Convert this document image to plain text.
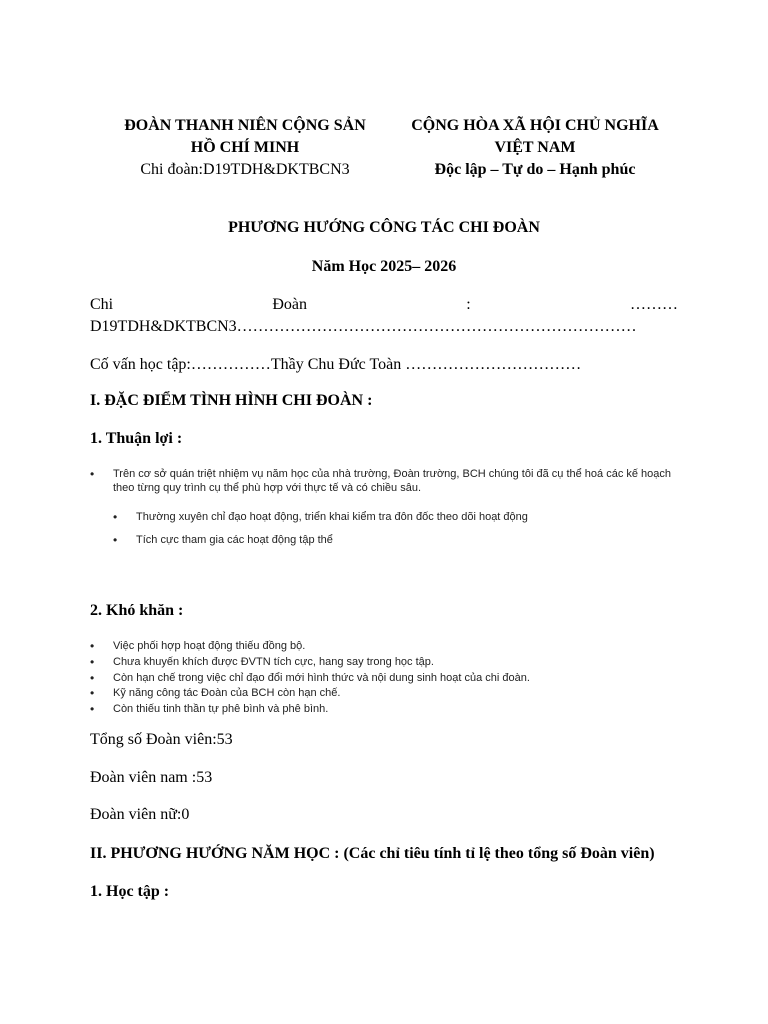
ĐOÀN THANH NIÊN CỘNG SẢN
HỒ CHÍ MINH
Chi đoàn:D19TDH&DKTBCN3
CỘNG HÒA XÃ HỘI CHỦ NGHĨA
VIỆT NAM
Độc lập – Tự do – Hạnh phúc
PHƯƠNG HƯỚNG CÔNG TÁC CHI ĐOÀN
Năm Học 2025– 2026
Chi	Đoàn	:	………
D19TDH&DKTBCN3…………………………………………………………………
Cố vấn học tập:……………Thầy Chu Đức Toàn ……………………………
I. ĐẶC ĐIỂM TÌNH HÌNH CHI ĐOÀN :
1. Thuận lợi :
• Trên cơ sở quán triệt nhiệm vụ năm học của nhà trường, Đoàn trường, BCH chúng tôi đã cụ thể hoá các kế hoạch theo từng quy trình cụ thể phù hợp với thực tế và có chiều sâu.
• Thường xuyên chỉ đạo hoạt động, triển khai kiểm tra đôn đốc theo dõi hoạt động
• Tích cực tham gia các hoạt động tập thể
2. Khó khăn :
• Việc phối hợp hoạt động thiếu đồng bộ.
• Chưa khuyến khích được ĐVTN tích cực, hang say trong học tập.
• Còn hạn chế trong việc chỉ đạo đổi mới hình thức và nội dung sinh hoạt của chi đoàn.
• Kỹ năng công tác Đoàn của BCH còn hạn chế.
• Còn thiếu tinh thần tự phê bình và phê bình.
Tổng số Đoàn viên:53
Đoàn viên nam :53
Đoàn viên nữ:0
II. PHƯƠNG HƯỚNG NĂM HỌC : (Các chỉ tiêu tính tỉ lệ theo tổng số Đoàn viên)
1. Học tập :
